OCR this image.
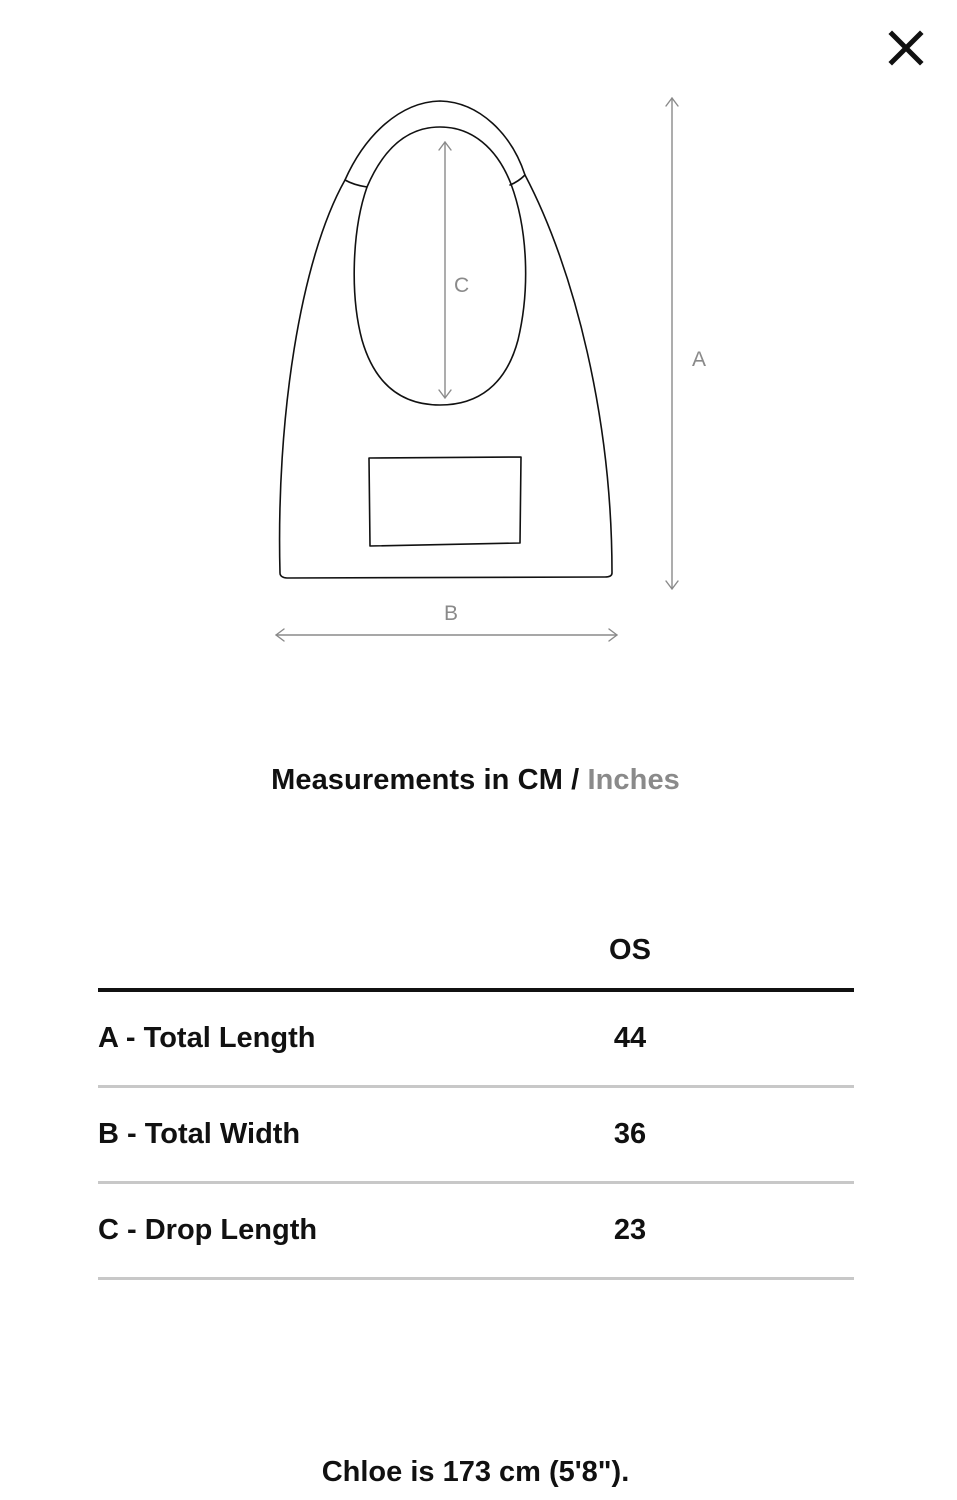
C
A
B
Measurements in CM / Inches
	OS	
A - Total Length	44	
B - Total Width	36	
C - Drop Length	23	
Chloe is 173 cm (5'8").
